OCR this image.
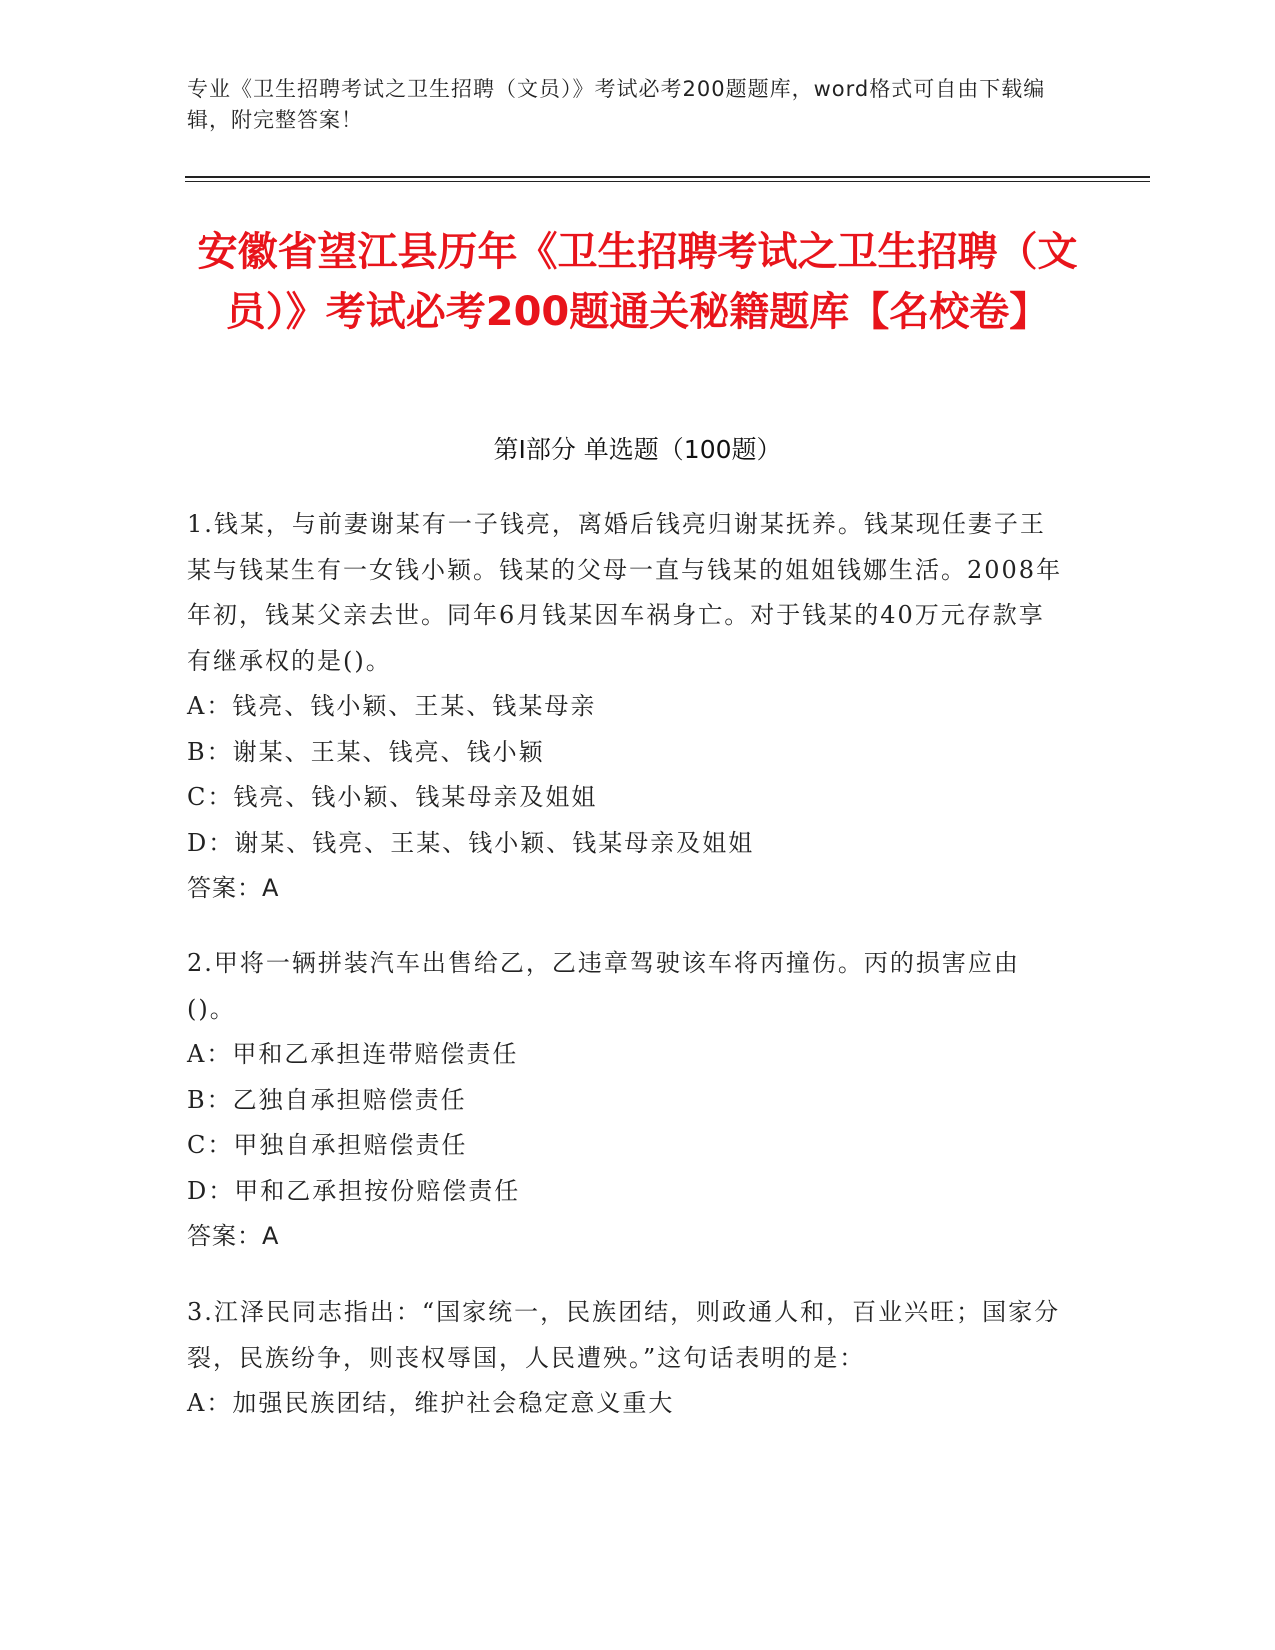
专业《卫生招聘考试之卫生招聘（文员）》考试必考200题题库，word格式可自由下载编辑，附完整答案！
安徽省望江县历年《卫生招聘考试之卫生招聘（文员）》考试必考200题通关秘籍题库【名校卷】
第I部分 单选题（100题）

1.钱某，与前妻谢某有一子钱亮，离婚后钱亮归谢某抚养。钱某现任妻子王某与钱某生有一女钱小颖。钱某的父母一直与钱某的姐姐钱娜生活。2008年年初，钱某父亲去世。同年6月钱某因车祸身亡。对于钱某的40万元存款享有继承权的是()。

A：钱亮、钱小颖、王某、钱某母亲

B：谢某、王某、钱亮、钱小颖

C：钱亮、钱小颖、钱某母亲及姐姐

D：谢某、钱亮、王某、钱小颖、钱某母亲及姐姐

答案：A

2.甲将一辆拼装汽车出售给乙，乙违章驾驶该车将丙撞伤。丙的损害应由()。

A：甲和乙承担连带赔偿责任

B：乙独自承担赔偿责任

C：甲独自承担赔偿责任

D：甲和乙承担按份赔偿责任

答案：A

3.江泽民同志指出：“国家统一，民族团结，则政通人和，百业兴旺；国家分裂，民族纷争，则丧权辱国，人民遭殃。”这句话表明的是：

A：加强民族团结，维护社会稳定意义重大
